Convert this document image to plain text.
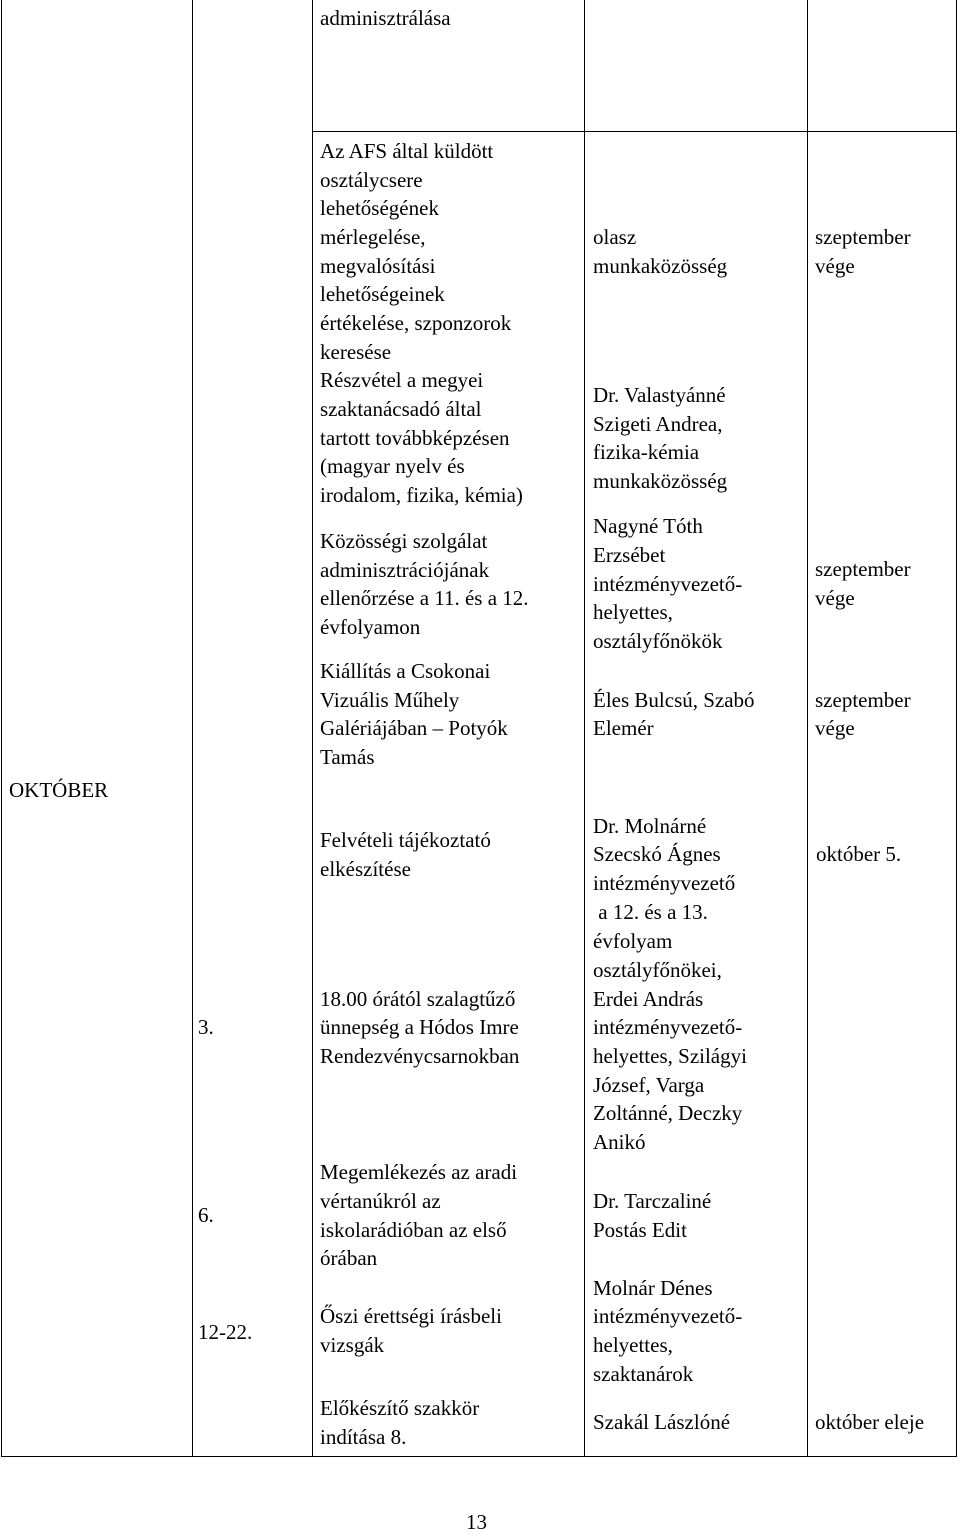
OKTÓBER
3.
6.
12-22.
adminisztrálása
Az AFS által küldött
osztálycsere
lehetőségének
mérlegelése,
megvalósítási
lehetőségeinek
értékelése, szponzorok
keresése
olasz
munkaközösség
szeptember
vége
Részvétel a megyei
szaktanácsadó által
tartott továbbképzésen
(magyar nyelv és
irodalom, fizika, kémia)
Dr. Valastyánné
Szigeti Andrea,
fizika-kémia
munkaközösség
Közösségi szolgálat
adminisztrációjának
ellenőrzése a 11. és a 12.
évfolyamon
Nagyné Tóth
Erzsébet
intézményvezető-
helyettes,
osztályfőnökök
szeptember
vége
Kiállítás a Csokonai
Vizuális Műhely
Galériájában – Potyók
Tamás
Éles Bulcsú, Szabó
Elemér
szeptember
vége
Felvételi tájékoztató
elkészítése
Dr. Molnárné
Szecskó Ágnes
intézményvezető
október 5.
18.00 órától szalagtűző
ünnepség a Hódos Imre
Rendezvénycsarnokban
a 12. és a 13.
évfolyam
osztályfőnökei,
Erdei András
intézményvezető-
helyettes, Szilágyi
József, Varga
Zoltánné, Deczky
Anikó
Megemlékezés az aradi
vértanúkról az
iskolarádióban az első
órában
Dr. Tarczaliné
Postás Edit
Őszi érettségi írásbeli
vizsgák
Molnár Dénes
intézményvezető-
helyettes,
szaktanárok
Előkészítő szakkör
indítása 8.
Szakál Lászlóné	október eleje
13
